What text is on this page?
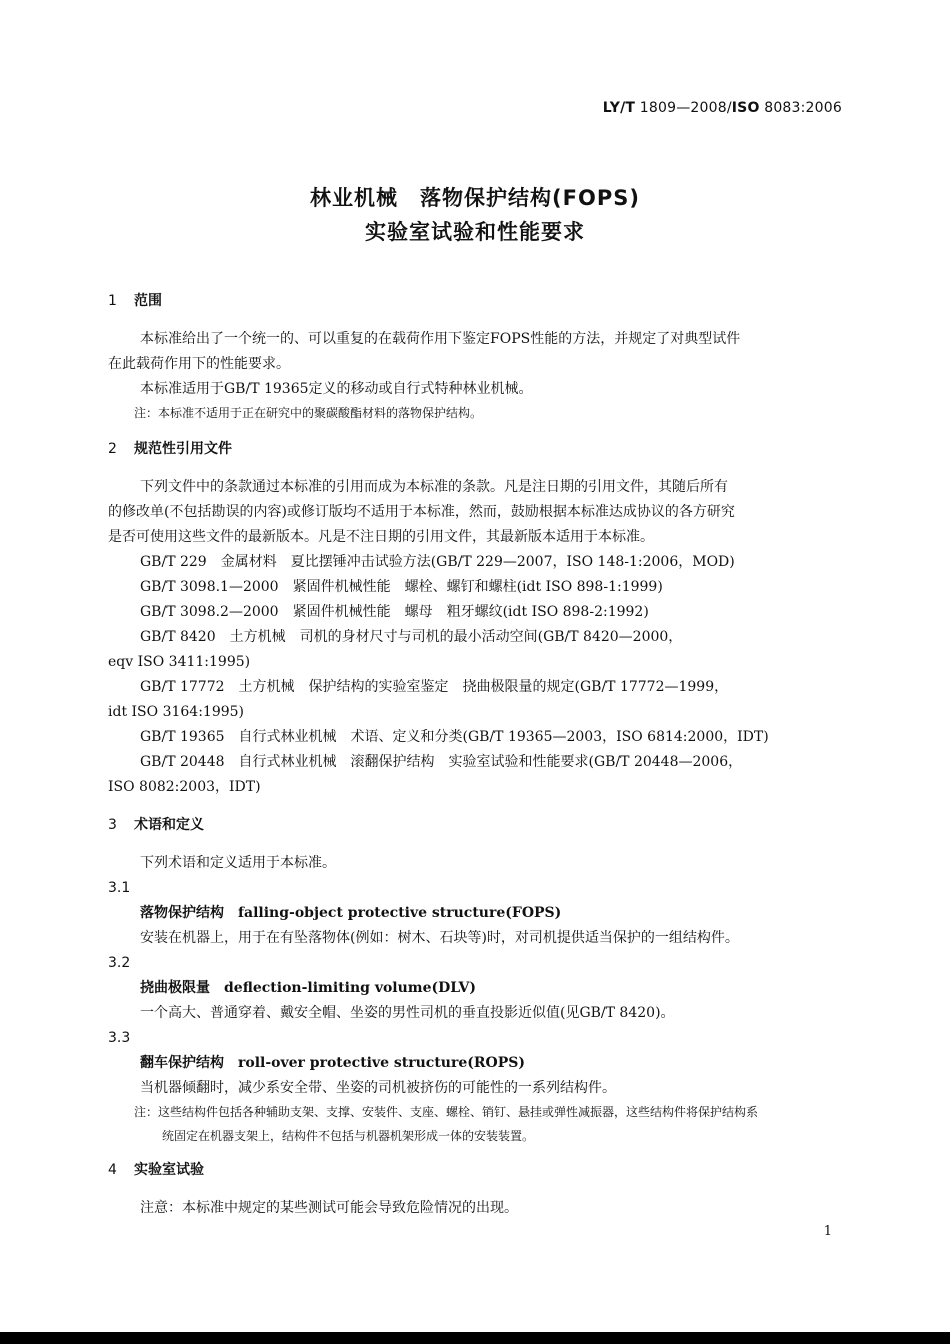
LY/T 1809—2008/ISO 8083:2006
林业机械　落物保护结构(FOPS)
实验室试验和性能要求
1 范围
本标准给出了一个统一的、可以重复的在载荷作用下鉴定FOPS性能的方法，并规定了对典型试件
在此载荷作用下的性能要求。
本标准适用于GB/T 19365定义的移动或自行式特种林业机械。
注：本标准不适用于正在研究中的聚碳酸酯材料的落物保护结构。
2 规范性引用文件
下列文件中的条款通过本标准的引用而成为本标准的条款。凡是注日期的引用文件，其随后所有
的修改单(不包括勘误的内容)或修订版均不适用于本标准，然而，鼓励根据本标准达成协议的各方研究
是否可使用这些文件的最新版本。凡是不注日期的引用文件，其最新版本适用于本标准。
GB/T 229　金属材料　夏比摆锤冲击试验方法(GB/T 229—2007，ISO 148-1:2006，MOD)
GB/T 3098.1—2000　紧固件机械性能　螺栓、螺钉和螺柱(idt ISO 898-1:1999)
GB/T 3098.2—2000　紧固件机械性能　螺母　粗牙螺纹(idt ISO 898-2:1992)
GB/T 8420　土方机械　司机的身材尺寸与司机的最小活动空间(GB/T 8420—2000，
eqv ISO 3411:1995)
GB/T 17772　土方机械　保护结构的实验室鉴定　挠曲极限量的规定(GB/T 17772—1999，
idt ISO 3164:1995)
GB/T 19365　自行式林业机械　术语、定义和分类(GB/T 19365—2003，ISO 6814:2000，IDT)
GB/T 20448　自行式林业机械　滚翻保护结构　实验室试验和性能要求(GB/T 20448—2006，
ISO 8082:2003，IDT)
3 术语和定义
下列术语和定义适用于本标准。
3.1
落物保护结构　 falling-object protective structure(FOPS)
安装在机器上，用于在有坠落物体(例如：树木、石块等)时，对司机提供适当保护的一组结构件。
3.2
挠曲极限量　 deflection-limiting volume(DLV)
一个高大、普通穿着、戴安全帽、坐姿的男性司机的垂直投影近似值(见GB/T 8420)。
3.3
翻车保护结构　 roll-over protective structure(ROPS)
当机器倾翻时，减少系安全带、坐姿的司机被挤伤的可能性的一系列结构件。
注：这些结构件包括各种辅助支架、支撑、安装件、支座、螺栓、销钉、悬挂或弹性减振器，这些结构件将保护结构系
统固定在机器支架上，结构件不包括与机器机架形成一体的安装装置。
4 实验室试验
注意：本标准中规定的某些测试可能会导致危险情况的出现。
1
